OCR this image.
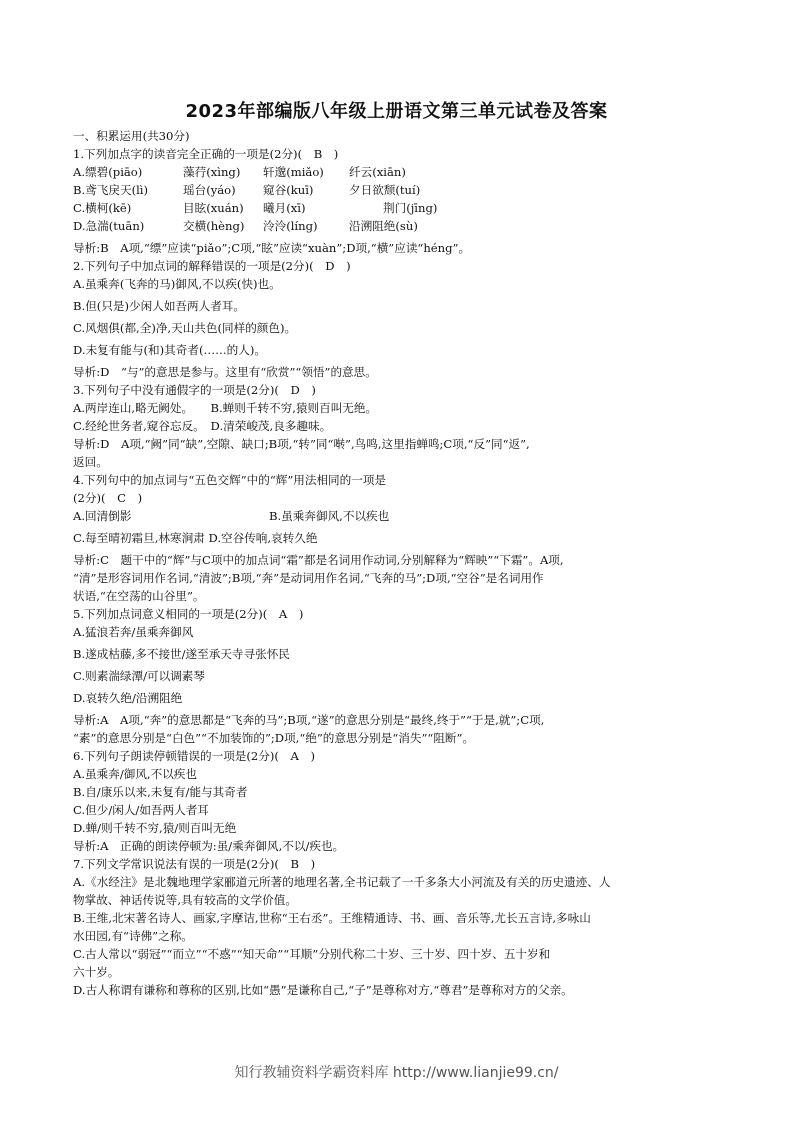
2023年部编版八年级上册语文第三单元试卷及答案
一、积累运用(共30分)
1.下列加点字的读音完全正确的一项是(2分)(　B　)
A.缥碧(piāo)	藻荇(xìng)	轩邈(miǎo)	纤云(xiān)
B.鸢飞戾天(lì)	瑶台(yáo)	窥谷(kuī)	夕日欲颓(tuí)
C.横柯(kē)	目眩(xuán)	曦月(xī)	荆门(jīng)
D.急湍(tuān)	交横(hèng)	泠泠(líng)	沿溯阻绝(sù)
导析:B　A项,“缥”应读“piǎo”;C项,“眩”应读“xuàn”;D项,“横”应读“héng”。
2.下列句子中加点词的解释错误的一项是(2分)(　D　)
A.虽乘奔(飞奔的马)御风,不以疾(快)也。
B.但(只是)少闲人如吾两人者耳。
C.风烟俱(都,全)净,天山共色(同样的颜色)。
D.未复有能与(和)其奇者(……的人)。
导析:D　“与”的意思是参与。这里有“欣赏”“领悟”的意思。
3.下列句子中没有通假字的一项是(2分)(　D　)
A.两岸连山,略无阙处。　　B.蝉则千转不穷,猿则百叫无绝。
C.经纶世务者,窥谷忘反。　D.清荣峻茂,良多趣味。
导析:D　A项,“阙”同“缺”,空隙、缺口;B项,“转”同“啭”,鸟鸣,这里指蝉鸣;C项,“反”同“返”,
返回。
4.下列句中的加点词与“五色交辉”中的“辉”用法相同的一项是
(2分)(　C　)
A.回清倒影	B.虽乘奔御风,不以疾也
C.每至晴初霜旦,林寒涧肃 D.空谷传响,哀转久绝
导析:C　题干中的“辉”与C项中的加点词“霜”都是名词用作动词,分别解释为“辉映”“下霜”。A项,
“清”是形容词用作名词,“清波”;B项,“奔”是动词用作名词,“飞奔的马”;D项,“空谷”是名词用作
状语,“在空荡的山谷里”。
5.下列加点词意义相同的一项是(2分)(　A　)
A.猛浪若奔/虽乘奔御风
B.遂成枯藤,多不接世/遂至承天寺寻张怀民
C.则素湍绿潭/可以调素琴
D.哀转久绝/沿溯阻绝
导析:A　A项,“奔”的意思都是“飞奔的马”;B项,“遂”的意思分别是“最终,终于”“于是,就”;C项,
“素”的意思分别是“白色”“不加装饰的”;D项,“绝”的意思分别是“消失”“阻断”。
6.下列句子朗读停顿错误的一项是(2分)(　A　)
A.虽乘奔/御风,不以疾也
B.自/康乐以来,未复有/能与其奇者
C.但少/闲人/如吾两人者耳
D.蝉/则千转不穷,猿/则百叫无绝
导析:A　正确的朗读停顿为:虽/乘奔御风,不以/疾也。
7.下列文学常识说法有误的一项是(2分)(　B　)
A.《水经注》是北魏地理学家郦道元所著的地理名著,全书记载了一千多条大小河流及有关的历史遗迹、人
物掌故、神话传说等,具有较高的文学价值。
B.王维,北宋著名诗人、画家,字摩诘,世称“王右丞”。王维精通诗、书、画、音乐等,尤长五言诗,多咏山
水田园,有“诗佛”之称。
C.古人常以“弱冠”“而立”“不惑”“知天命”“耳顺”分别代称二十岁、三十岁、四十岁、五十岁和
六十岁。
D.古人称谓有谦称和尊称的区别,比如“愚”是谦称自己,“子”是尊称对方,“尊君”是尊称对方的父亲。
知行教辅资料学霸资料库 http://www.lianjie99.cn/
